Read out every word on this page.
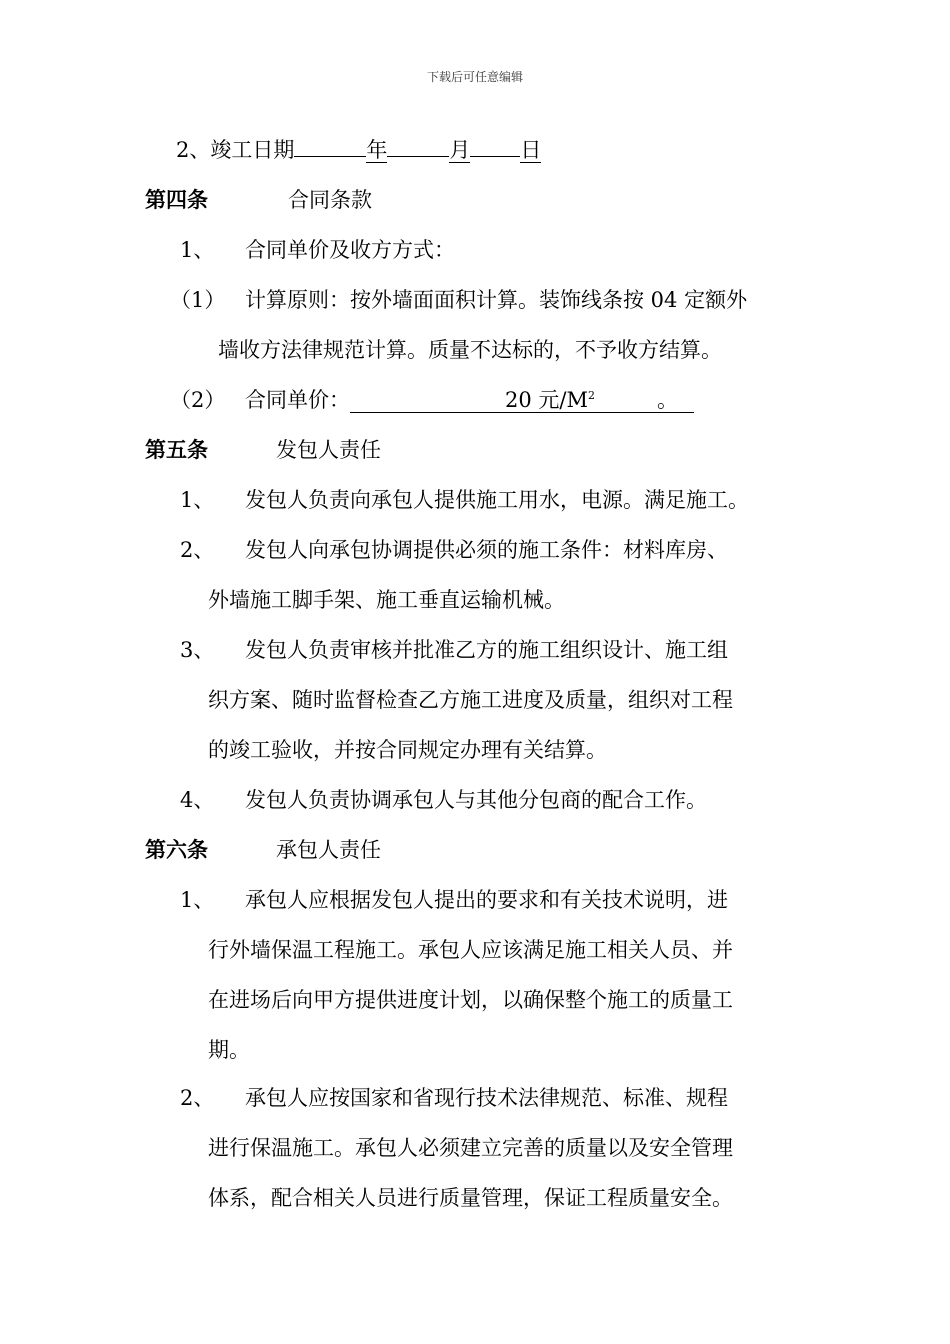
下载后可任意编辑
2、竣工日期	年	月 日
第四条	合同条款
1、 合同单价及收方方式：
（1） 计算原则：按外墙面面积计算。装饰线条按 04 定额外
墙收方法律规范计算。质量不达标的，不予收方结算。
（2） 合同单价：	20 元$/M^2$	。
第五条	发包人责任
1、 发包人负责向承包人提供施工用水，电源。满足施工。
2、 发包人向承包协调提供必须的施工条件：材料库房、
外墙施工脚手架、施工垂直运输机械。
3、 发包人负责审核并批准乙方的施工组织设计、施工组
织方案、随时监督检查乙方施工进度及质量，组织对工程
的竣工验收，并按合同规定办理有关结算。
4、 发包人负责协调承包人与其他分包商的配合工作。
第六条	承包人责任
1、 承包人应根据发包人提出的要求和有关技术说明，进
行外墙保温工程施工。承包人应该满足施工相关人员、并
在进场后向甲方提供进度计划，以确保整个施工的质量工
期。
2、 承包人应按国家和省现行技术法律规范、标准、规程
进行保温施工。承包人必须建立完善的质量以及安全管理
体系，配合相关人员进行质量管理，保证工程质量安全。
